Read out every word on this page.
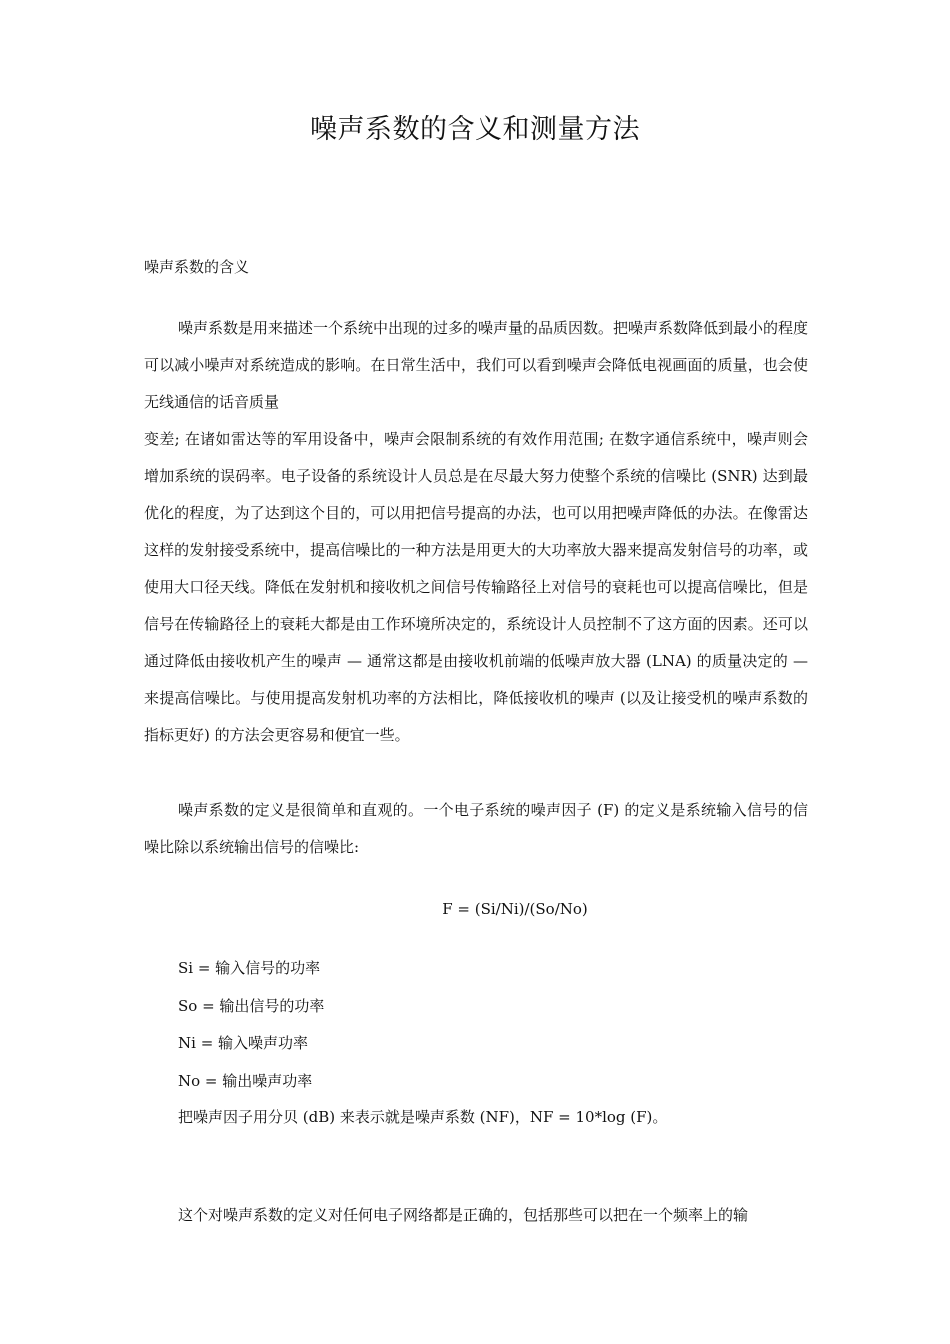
噪声系数的含义和测量方法
噪声系数的含义

噪声系数是用来描述一个系统中出现的过多的噪声量的品质因数。把噪声系数降低到最小的程度可以减小噪声对系统造成的影响。在日常生活中，我们可以看到噪声会降低电视画面的质量，也会使无线通信的话音质量

变差; 在诸如雷达等的军用设备中，噪声会限制系统的有效作用范围; 在数字通信系统中，噪声则会增加系统的误码率。电子设备的系统设计人员总是在尽最大努力使整个系统的信噪比 (SNR) 达到最优化的程度，为了达到这个目的，可以用把信号提高的办法，也可以用把噪声降低的办法。在像雷达这样的发射接受系统中，提高信噪比的一种方法是用更大的大功率放大器来提高发射信号的功率，或使用大口径天线。降低在发射机和接收机之间信号传输路径上对信号的衰耗也可以提高信噪比，但是信号在传输路径上的衰耗大都是由工作环境所决定的，系统设计人员控制不了这方面的因素。还可以通过降低由接收机产生的噪声 — 通常这都是由接收机前端的低噪声放大器 (LNA) 的质量决定的 — 来提高信噪比。与使用提高发射机功率的方法相比，降低接收机的噪声 (以及让接受机的噪声系数的指标更好) 的方法会更容易和便宜一些。

噪声系数的定义是很简单和直观的。一个电子系统的噪声因子 (F) 的定义是系统输入信号的信噪比除以系统输出信号的信噪比:

F = (Si/Ni)/(So/No)
Si = 输入信号的功率
So = 输出信号的功率
Ni = 输入噪声功率
No = 输出噪声功率
把噪声因子用分贝 (dB) 来表示就是噪声系数 (NF)，NF = 10*log (F)。

这个对噪声系数的定义对任何电子网络都是正确的，包括那些可以把在一个频率上的输
